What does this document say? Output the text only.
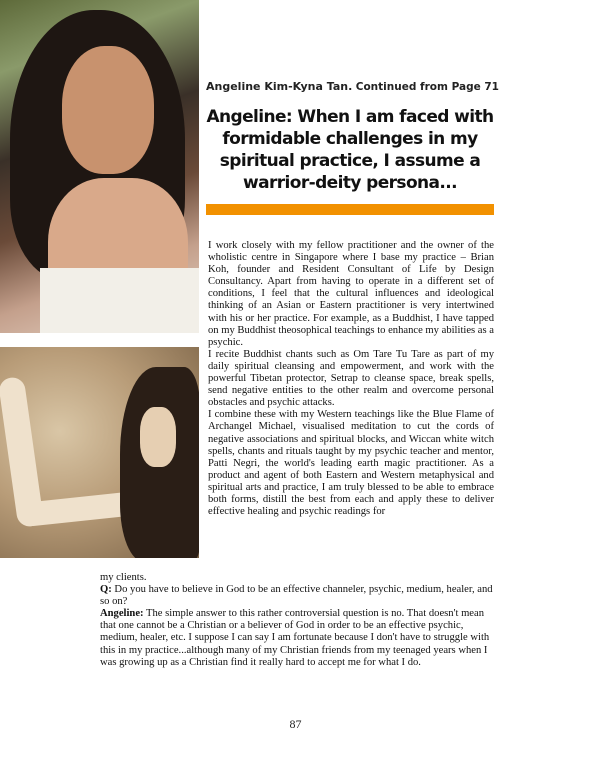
Angeline Kim-Kyna Tan. Continued from Page 71
Angeline: When I am faced with formidable challenges in my spiritual practice, I assume a warrior-deity persona...

I work closely with my fellow practitioner and the owner of the wholistic centre in Singapore where I base my practice – Brian Koh, founder and Resident Consultant of Life by Design Consultancy. Apart from having to operate in a different set of conditions, I feel that the cultural influences and ideological thinking of an Asian or Eastern practitioner is very intertwined with his or her practice. For example, as a Buddhist, I have tapped on my Buddhist theosophical teachings to enhance my abilities as a psychic.

I recite Buddhist chants such as Om Tare Tu Tare as part of my daily spiritual cleansing and empowerment, and work with the powerful Tibetan protector, Setrap to cleanse space, break spells, send negative entities to the other realm and overcome personal obstacles and psychic attacks.

I combine these with my Western teachings like the Blue Flame of Archangel Michael, visualised meditation to cut the cords of negative associations and spiritual blocks, and Wiccan white witch spells, chants and rituals taught by my psychic teacher and mentor, Patti Negri, the world's leading earth magic practitioner. As a product and agent of both Eastern and Western metaphysical and spiritual arts and practice, I am truly blessed to be able to embrace both forms, distill the best from each and apply these to deliver effective healing and psychic readings for

my clients.

Q: Do you have to believe in God to be an effective channeler, psychic, medium, healer, and so on?

Angeline: The simple answer to this rather controversial question is no. That doesn't mean that one cannot be a Christian or a believer of God in order to be an effective psychic, medium, healer, etc. I suppose I can say I am fortunate because I don't have to struggle with this in my practice...although many of my Christian friends from my teenaged years when I was growing up as a Christian find it really hard to accept me for what I do.

87
